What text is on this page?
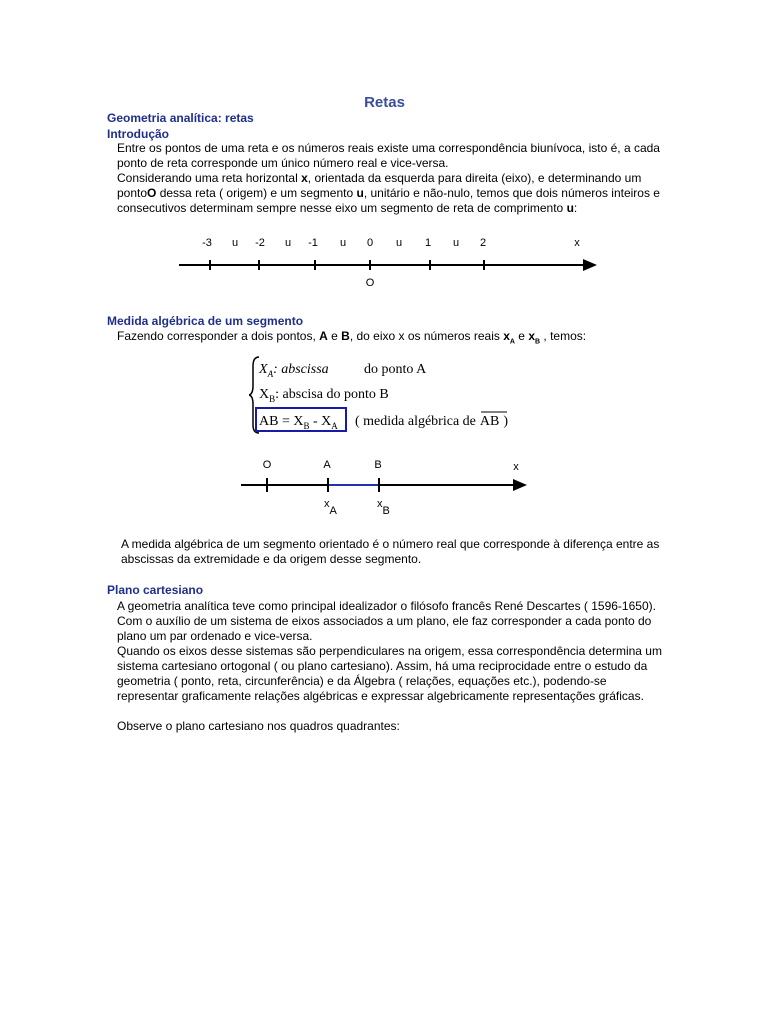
Retas
Geometria analítica: retas
Introdução
Entre os pontos de uma reta e os números reais existe uma correspondência biunívoca, isto é, a cada ponto de reta corresponde um único número real e vice-versa.
Considerando uma reta horizontal x, orientada da esquerda para direita (eixo), e determinando um pontoO dessa reta ( origem) e um segmento u, unitário e não-nulo, temos que dois números inteiros e consecutivos determinam sempre nesse eixo um segmento de reta de comprimento u:
-3 u -2 u -1 u 0 u 1 u 2	x
O
Medida algébrica de um segmento
Fazendo corresponder a dois pontos, A e B, do eixo x os números reais $x_A$ e $x_B$ , temos:
$X_A$: abscissa	do ponto A
$X_B$: abscisa do ponto B
AB = $X_B - X_A$ ( medida algébrica de AB )
O	A	B	x
xA
xB
A medida algébrica de um segmento orientado é o número real que corresponde à diferença entre as abscissas da extremidade e da origem desse segmento.
Plano cartesiano
A geometria analítica teve como principal idealizador o filósofo francês René Descartes ( 1596-1650). Com o auxílio de um sistema de eixos associados a um plano, ele faz corresponder a cada ponto do plano um par ordenado e vice-versa.
Quando os eixos desse sistemas são perpendiculares na origem, essa correspondência determina um sistema cartesiano ortogonal ( ou plano cartesiano). Assim, há uma reciprocidade entre o estudo da geometria ( ponto, reta, circunferência) e da Álgebra ( relações, equações etc.), podendo-se representar graficamente relações algébricas e expressar algebricamente representações gráficas.
Observe o plano cartesiano nos quadros quadrantes:
